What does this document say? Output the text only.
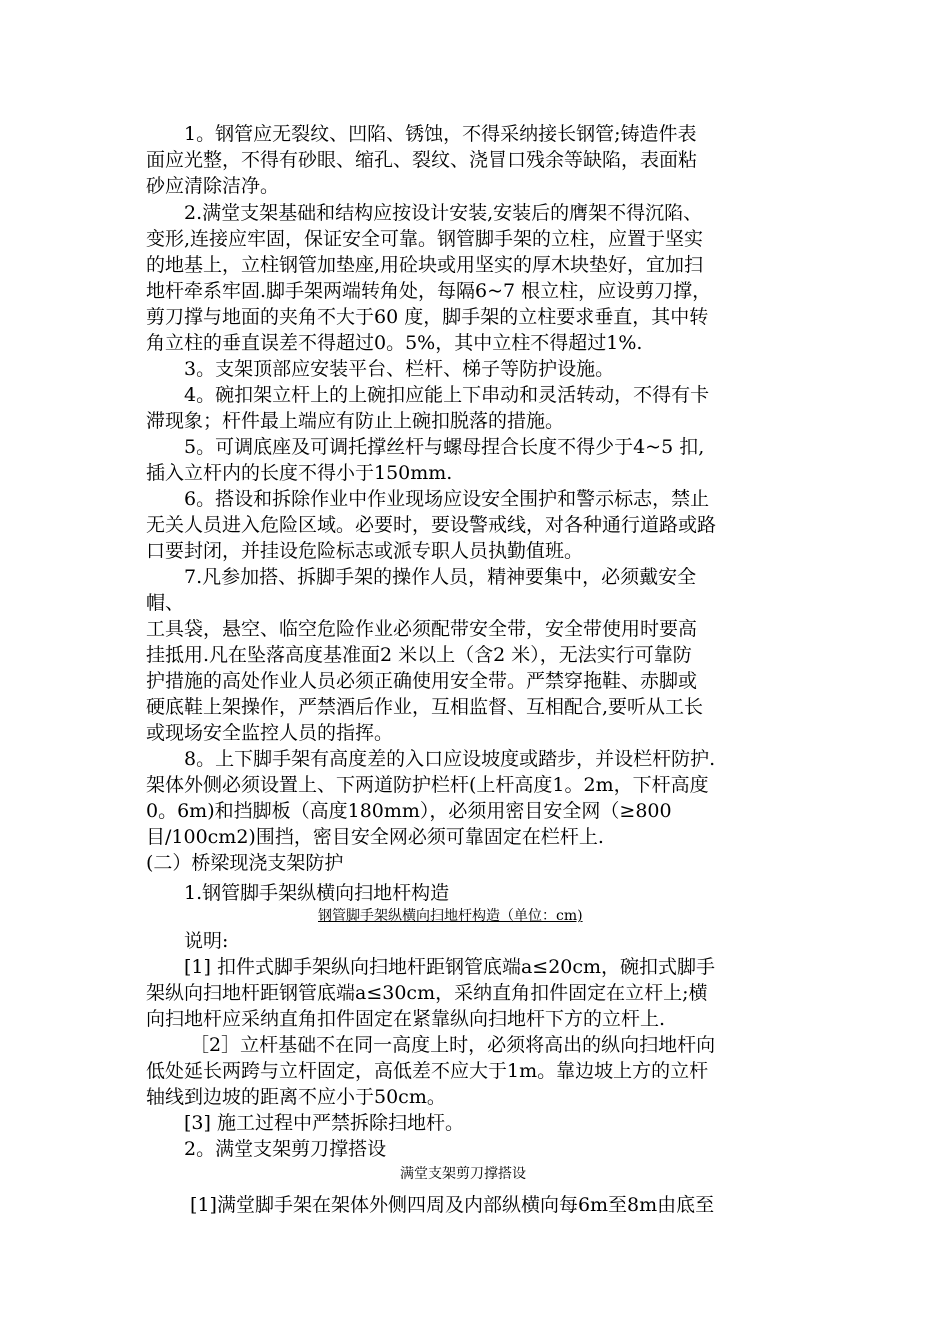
　　1。钢管应无裂纹、凹陷、锈蚀，不得采纳接长钢管;铸造件表
面应光整，不得有砂眼、缩孔、裂纹、浇冒口残余等缺陷，表面粘
砂应清除洁净。
　　2.满堂支架基础和结构应按设计安装,安装后的膺架不得沉陷、
变形,连接应牢固，保证安全可靠。钢管脚手架的立柱，应置于坚实
的地基上，立柱钢管加垫座,用砼块或用坚实的厚木块垫好，宜加扫
地杆牵系牢固.脚手架两端转角处，每隔6~7 根立柱，应设剪刀撑，
剪刀撑与地面的夹角不大于60 度，脚手架的立柱要求垂直，其中转
角立柱的垂直误差不得超过0。5%，其中立柱不得超过1%.
　　3。支架顶部应安装平台、栏杆、梯子等防护设施。
　　4。碗扣架立杆上的上碗扣应能上下串动和灵活转动，不得有卡
滞现象；杆件最上端应有防止上碗扣脱落的措施。
　　5。可调底座及可调托撑丝杆与螺母捏合长度不得少于4~5 扣,
插入立杆内的长度不得小于150mm.
　　6。搭设和拆除作业中作业现场应设安全围护和警示标志，禁止
无关人员进入危险区域。必要时，要设警戒线，对各种通行道路或路
口要封闭，并挂设危险标志或派专职人员执勤值班。
　　7.凡参加搭、拆脚手架的操作人员，精神要集中，必须戴安全
帽、
工具袋，悬空、临空危险作业必须配带安全带，安全带使用时要高
挂抵用.凡在坠落高度基准面2 米以上（含2 米），无法实行可靠防
护措施的高处作业人员必须正确使用安全带。严禁穿拖鞋、赤脚或
硬底鞋上架操作，严禁酒后作业，互相监督、互相配合,要听从工长
或现场安全监控人员的指挥。
　　8。上下脚手架有高度差的入口应设坡度或踏步，并设栏杆防护.
架体外侧必须设置上、下两道防护栏杆(上杆高度1。2m，下杆高度
0。6m)和挡脚板（高度180mm），必须用密目安全网（≥800
目/100cm2)围挡，密目安全网必须可靠固定在栏杆上.
(二）桥梁现浇支架防护
　　1.钢管脚手架纵横向扫地杆构造
钢管脚手架纵横向扫地杆构造（单位：cm)
　　说明:
　　[1] 扣件式脚手架纵向扫地杆距钢管底端a≤20cm，碗扣式脚手
架纵向扫地杆距钢管底端a≤30cm，采纳直角扣件固定在立杆上;横
向扫地杆应采纳直角扣件固定在紧靠纵向扫地杆下方的立杆上.
　　 ［2］立杆基础不在同一高度上时，必须将高出的纵向扫地杆向
低处延长两跨与立杆固定，高低差不应大于1m。靠边坡上方的立杆
轴线到边坡的距离不应小于50cm。
　　[3] 施工过程中严禁拆除扫地杆。
　　2。满堂支架剪刀撑搭设
满堂支架剪刀撑搭设
　　 [1]满堂脚手架在架体外侧四周及内部纵横向每6m至8m由底至
